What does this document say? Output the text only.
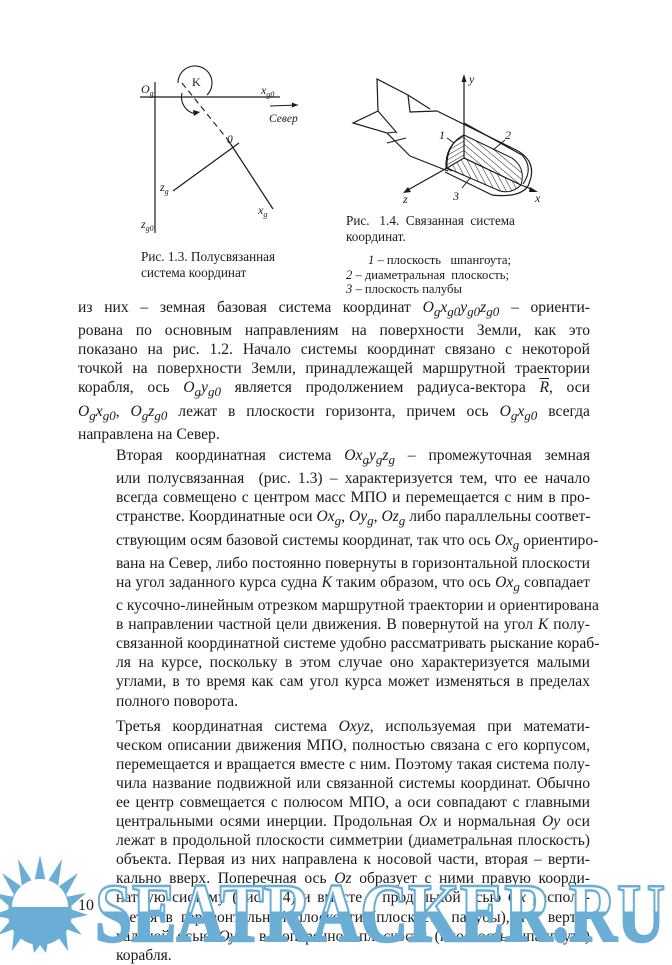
$O_g$	$x_{g0}$
K
Север
0
$z_g$
$x_g$
$z_{g0}$
Рис. 1.3. Полусвязанная
система координат
y
z	x
1	2
3
Рис.   1.4.  Связанная  система
координат.
1 – плоскость   шпангоута;
2 – диаметральная  плоскость;
3 – плоскость палубы

из них – земная базовая система координат $O_gx_{g0}y_{g0}z_{g0}$ – ориенти-
рована по основным направлениям на поверхности Земли, как это
показано на рис. 1.2. Начало системы координат связано с некоторой
точкой на поверхности Земли, принадлежащей маршрутной траектории
корабля, ось $O_gy_{g0}$ является продолжением радиуса-вектора $\overline{R}$, оси
$O_gx_{g0}$, $O_gz_{g0}$ лежат в плоскости горизонта, причем ось $O_gx_{g0}$ всегда
направлена на Север.

Вторая координатная система $Ox_gy_gz_g$ – промежуточная земная
или полусвязанная  (рис. 1.3) – характеризуется тем, что ее начало
всегда совмещено с центром масс МПО и перемещается с ним в про-
странстве. Координатные оси $Ox_g$, $Oy_g$, $Oz_g$ либо параллельны соответ-
ствующим осям базовой системы координат, так что ось $Ox_g$ ориентиро-
вана на Север, либо постоянно повернуты в горизонтальной плоскости
на угол заданного курса судна K таким образом, что ось $Ox_g$ совпадает
с кусочно-линейным отрезком маршрутной траектории и ориентирована
в направлении частной цели движения. В повернутой на угол K полу-
связанной координатной системе удобно рассматривать рыскание кораб-
ля на курсе, поскольку в этом случае оно характеризуется малыми
углами, в то время как сам угол курса может изменяться в пределах
полного поворота.

Третья координатная система Oxyz, используемая при математи-
ческом описании движения МПО, полностью связана с его корпусом,
перемещается и вращается вместе с ним. Поэтому такая система полу-
чила название подвижной или связанной системы координат. Обычно
ее центр совмещается с полюсом МПО, а оси совпадают с главными
центральными осями инерции. Продольная Ox и нормальная Oy оси
лежат в продольной плоскости симметрии (диаметральная плоскость)
объекта. Первая из них направлена к носовой части, вторая – верти-
кально вверх. Поперечная ось Oz образует с ними правую коорди-
натную систему (рис. 1.4) и вместе с продольной осью Ox распола-
гается в горизонтальной плоскости (плоскость палубы), а с верти-
кальной осью Oy – в поперечной плоскости (плоскость шпангоута)
корабля.

10 SEATRACKER.RU
